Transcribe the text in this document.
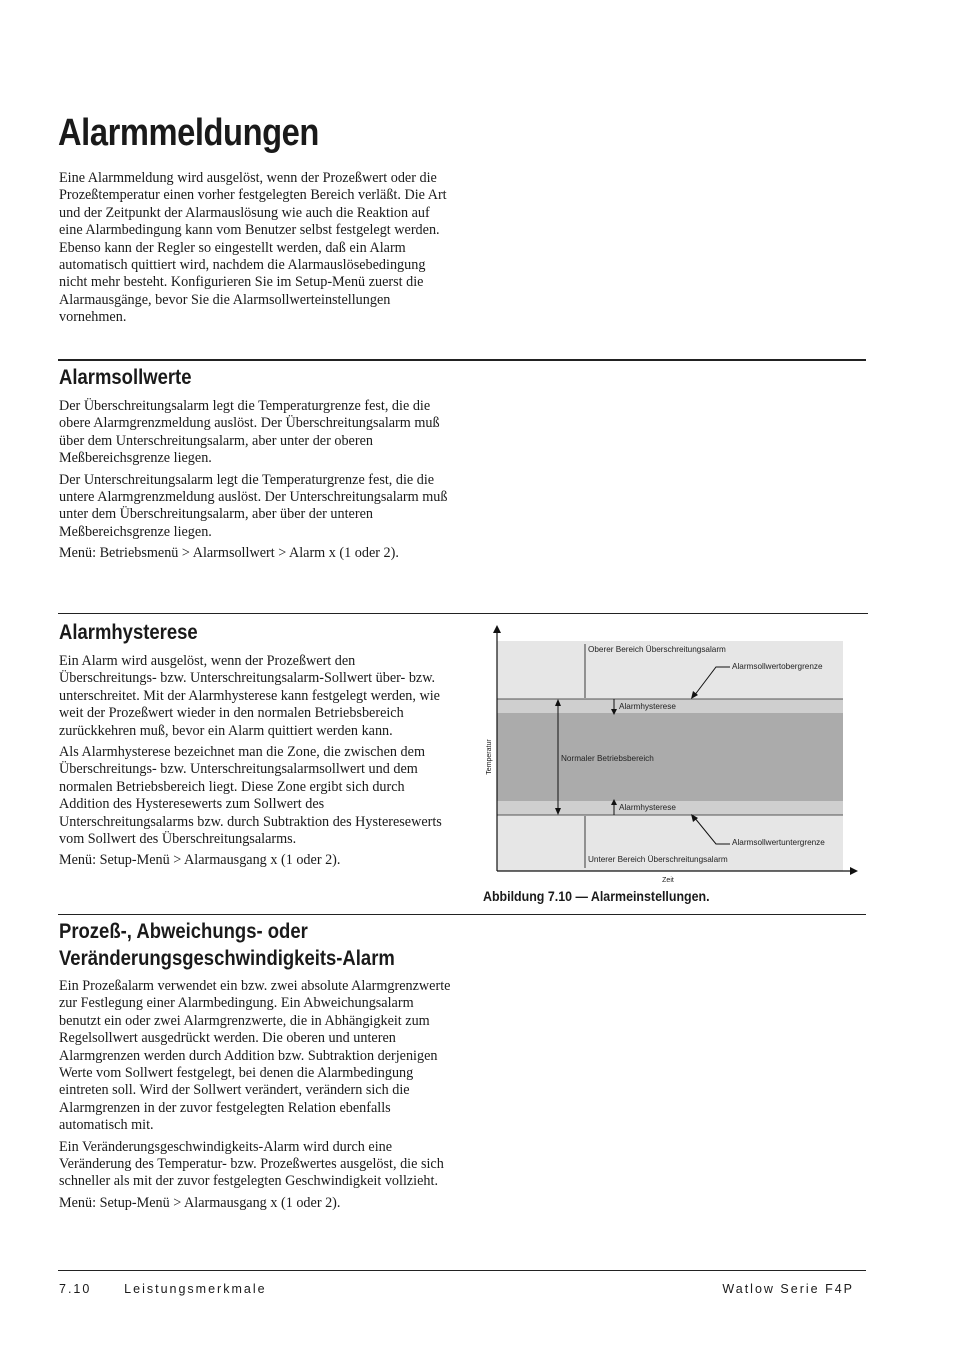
Alarmmeldungen

Eine Alarmmeldung wird ausgelöst, wenn der Prozeßwert oder die Prozeßtemperatur einen vorher festgelegten Bereich verläßt. Die Art und der Zeitpunkt der Alarmauslösung wie auch die Reaktion auf eine Alarmbedingung kann vom Benutzer selbst festgelegt werden. Ebenso kann der Regler so eingestellt werden, daß ein Alarm automatisch quittiert wird, nachdem die Alarmauslösebedingung nicht mehr besteht. Konfigurieren Sie im Setup-Menü zuerst die Alarmausgänge, bevor Sie die Alarmsollwerteinstellungen vornehmen.

Alarmsollwerte

Der Überschreitungsalarm legt die Temperaturgrenze fest, die die obere Alarmgrenzmeldung auslöst. Der Überschreitungsalarm muß über dem Unterschreitungsalarm, aber unter der oberen Meßbereichsgrenze liegen.

Der Unterschreitungsalarm legt die Temperaturgrenze fest, die die untere Alarmgrenzmeldung auslöst. Der Unterschreitungsalarm muß unter dem Überschreitungsalarm, aber über der unteren Meßbereichsgrenze liegen.

Menü: Betriebsmenü > Alarmsollwert > Alarm x (1 oder 2).

Alarmhysterese

Ein Alarm wird ausgelöst, wenn der Prozeßwert den Überschreitungs- bzw. Unterschreitungsalarm-Sollwert über- bzw. unterschreitet. Mit der Alarmhysterese kann festgelegt werden, wie weit der Prozeßwert wieder in den normalen Betriebsbereich zurückkehren muß, bevor ein Alarm quittiert werden kann.

Als Alarmhysterese bezeichnet man die Zone, die zwischen dem Überschreitungs- bzw. Unterschreitungsalarmsollwert und dem normalen Betriebsbereich liegt. Diese Zone ergibt sich durch Addition des Hysteresewerts zum Sollwert des Unterschreitungsalarms bzw. durch Subtraktion des Hysteresewerts vom Sollwert des Überschreitungsalarms.

Menü: Setup-Menü > Alarmausgang x (1 oder 2).

Oberer Bereich Überschreitungsalarm
Alarmsollwertobergrenze
Alarmhysterese
Normaler Betriebsbereich
Alarmhysterese
Alarmsollwertuntergrenze
Unterer Bereich Überschreitungsalarm
Temperatur
Zeit
Abbildung 7.10 — Alarmeinstellungen.
Prozeß-, Abweichungs- oder
Veränderungsgeschwindigkeits-Alarm

Ein Prozeßalarm verwendet ein bzw. zwei absolute Alarmgrenzwerte zur Festlegung einer Alarmbedingung. Ein Abweichungsalarm benutzt ein oder zwei Alarmgrenzwerte, die in Abhängigkeit zum Regelsollwert ausgedrückt werden. Die oberen und unteren Alarmgrenzen werden durch Addition bzw. Subtraktion derjenigen Werte vom Sollwert festgelegt, bei denen die Alarmbedingung eintreten soll. Wird der Sollwert verändert, verändern sich die Alarmgrenzen in der zuvor festgelegten Relation ebenfalls automatisch mit.

Ein Veränderungsgeschwindigkeits-Alarm wird durch eine Veränderung des Temperatur- bzw. Prozeßwertes ausgelöst, die sich schneller als mit der zuvor festgelegten Geschwindigkeit vollzieht.

Menü: Setup-Menü > Alarmausgang x (1 oder 2).

7.10      Leistungsmerkmale	Watlow Serie F4P
